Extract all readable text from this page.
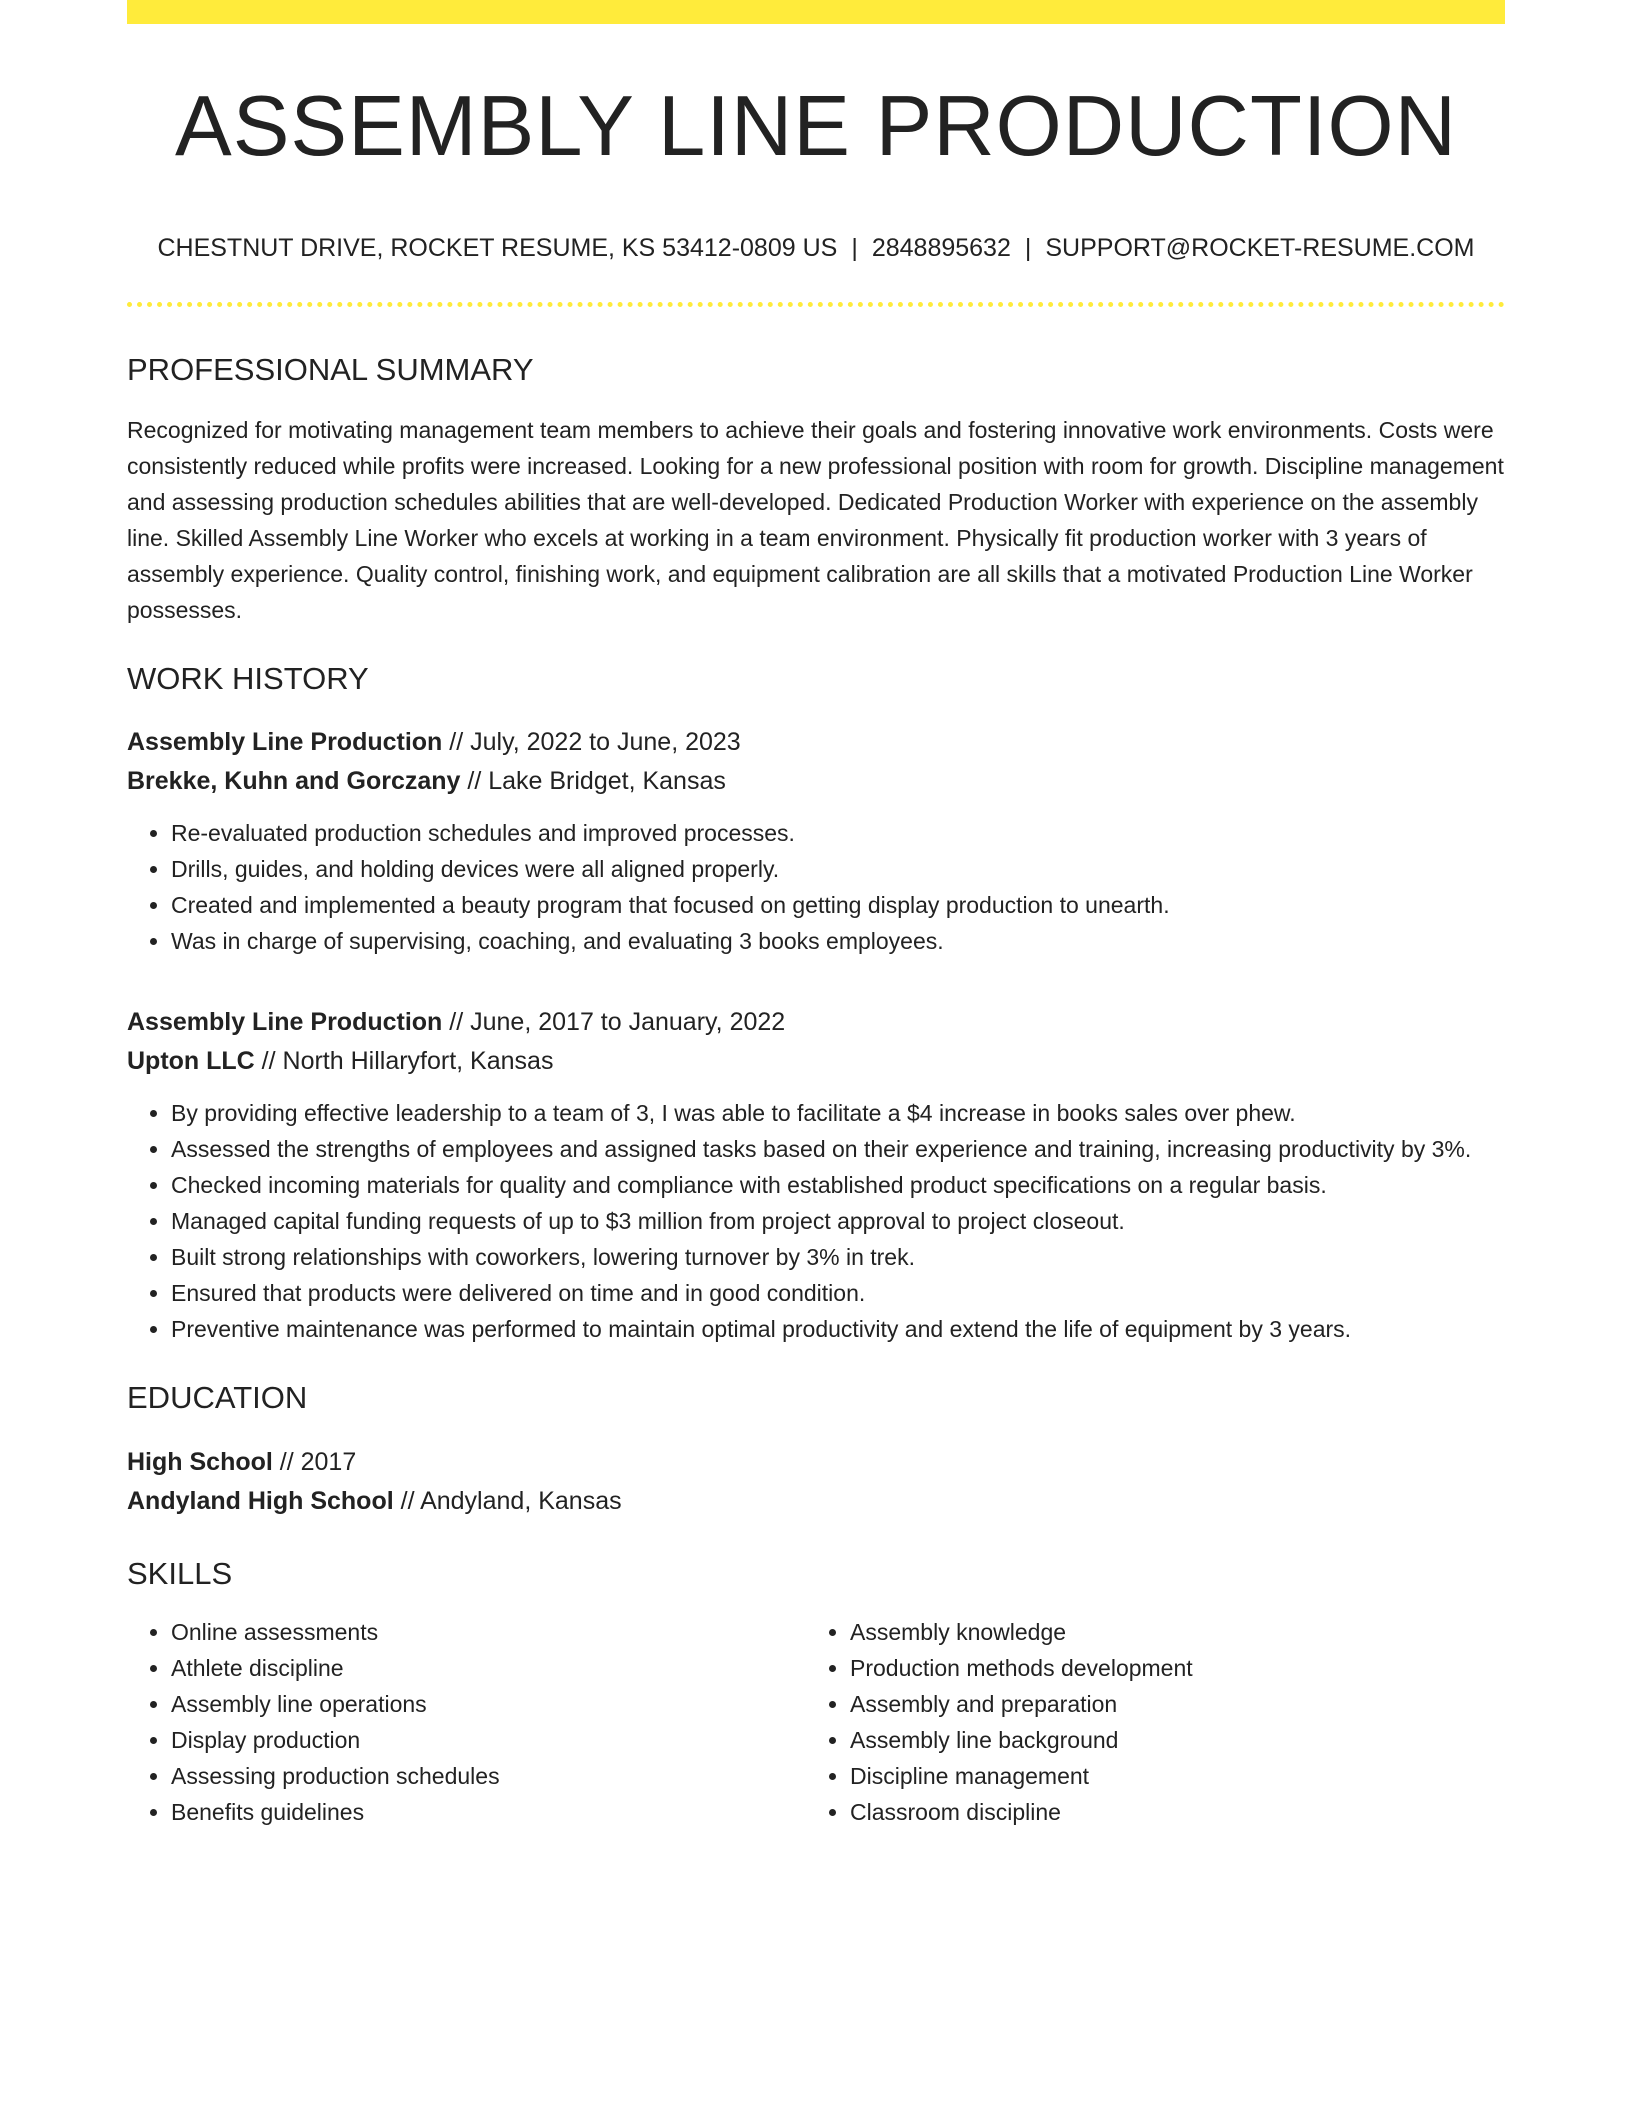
ASSEMBLY LINE PRODUCTION
CHESTNUT DRIVE, ROCKET RESUME, KS 53412-0809 US | 2848895632 | SUPPORT@ROCKET-RESUME.COM
PROFESSIONAL SUMMARY

Recognized for motivating management team members to achieve their goals and fostering innovative work environments. Costs were consistently reduced while profits were increased. Looking for a new professional position with room for growth. Discipline management and assessing production schedules abilities that are well-developed. Dedicated Production Worker with experience on the assembly line. Skilled Assembly Line Worker who excels at working in a team environment. Physically fit production worker with 3 years of assembly experience. Quality control, finishing work, and equipment calibration are all skills that a motivated Production Line Worker possesses.

WORK HISTORY
Assembly Line Production // July, 2022 to June, 2023
Brekke, Kuhn and Gorczany // Lake Bridget, Kansas
• Re-evaluated production schedules and improved processes.
• Drills, guides, and holding devices were all aligned properly.
• Created and implemented a beauty program that focused on getting display production to unearth.
• Was in charge of supervising, coaching, and evaluating 3 books employees.
Assembly Line Production // June, 2017 to January, 2022
Upton LLC // North Hillaryfort, Kansas
• By providing effective leadership to a team of 3, I was able to facilitate a $4 increase in books sales over phew.
• Assessed the strengths of employees and assigned tasks based on their experience and training, increasing productivity by 3%.
• Checked incoming materials for quality and compliance with established product specifications on a regular basis.
• Managed capital funding requests of up to $3 million from project approval to project closeout.
• Built strong relationships with coworkers, lowering turnover by 3% in trek.
• Ensured that products were delivered on time and in good condition.
• Preventive maintenance was performed to maintain optimal productivity and extend the life of equipment by 3 years.
EDUCATION
High School // 2017
Andyland High School // Andyland, Kansas
SKILLS
• Online assessments
• Athlete discipline
• Assembly line operations
• Display production
• Assessing production schedules
• Benefits guidelines
• Assembly knowledge
• Production methods development
• Assembly and preparation
• Assembly line background
• Discipline management
• Classroom discipline
